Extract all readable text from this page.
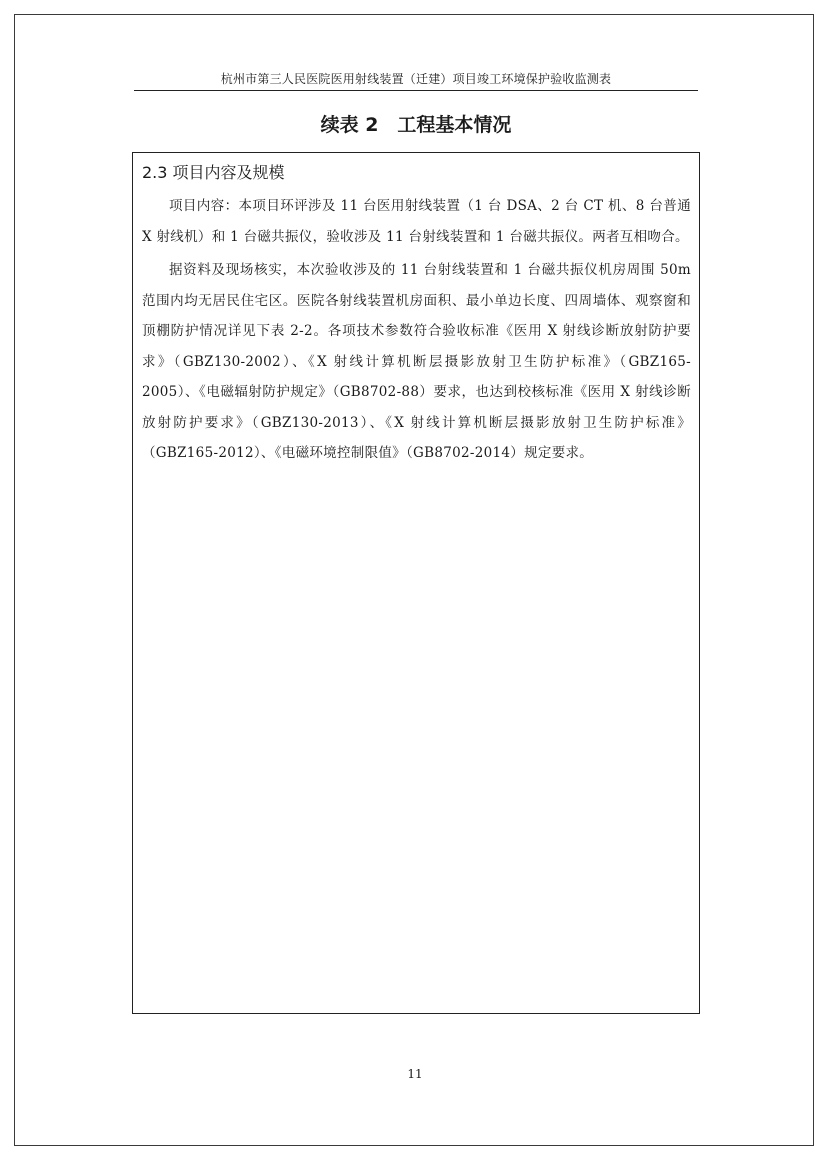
杭州市第三人民医院医用射线装置（迁建）项目竣工环境保护验收监测表
续表 2　工程基本情况
2.3 项目内容及规模

项目内容：本项目环评涉及 11 台医用射线装置（1 台 DSA、2 台 CT 机、8 台普通 X 射线机）和 1 台磁共振仪，验收涉及 11 台射线装置和 1 台磁共振仪。两者互相吻合。

据资料及现场核实，本次验收涉及的 11 台射线装置和 1 台磁共振仪机房周围 50m 范围内均无居民住宅区。医院各射线装置机房面积、最小单边长度、四周墙体、观察窗和顶棚防护情况详见下表 2-2。各项技术参数符合验收标准《医用 X 射线诊断放射防护要求》（GBZ130-2002）、《X 射线计算机断层摄影放射卫生防护标准》（GBZ165-2005）、《电磁辐射防护规定》（GB8702-88）要求，也达到校核标准《医用 X 射线诊断放射防护要求》（GBZ130-2013）、《X 射线计算机断层摄影放射卫生防护标准》（GBZ165-2012）、《电磁环境控制限值》（GB8702-2014）规定要求。

11
